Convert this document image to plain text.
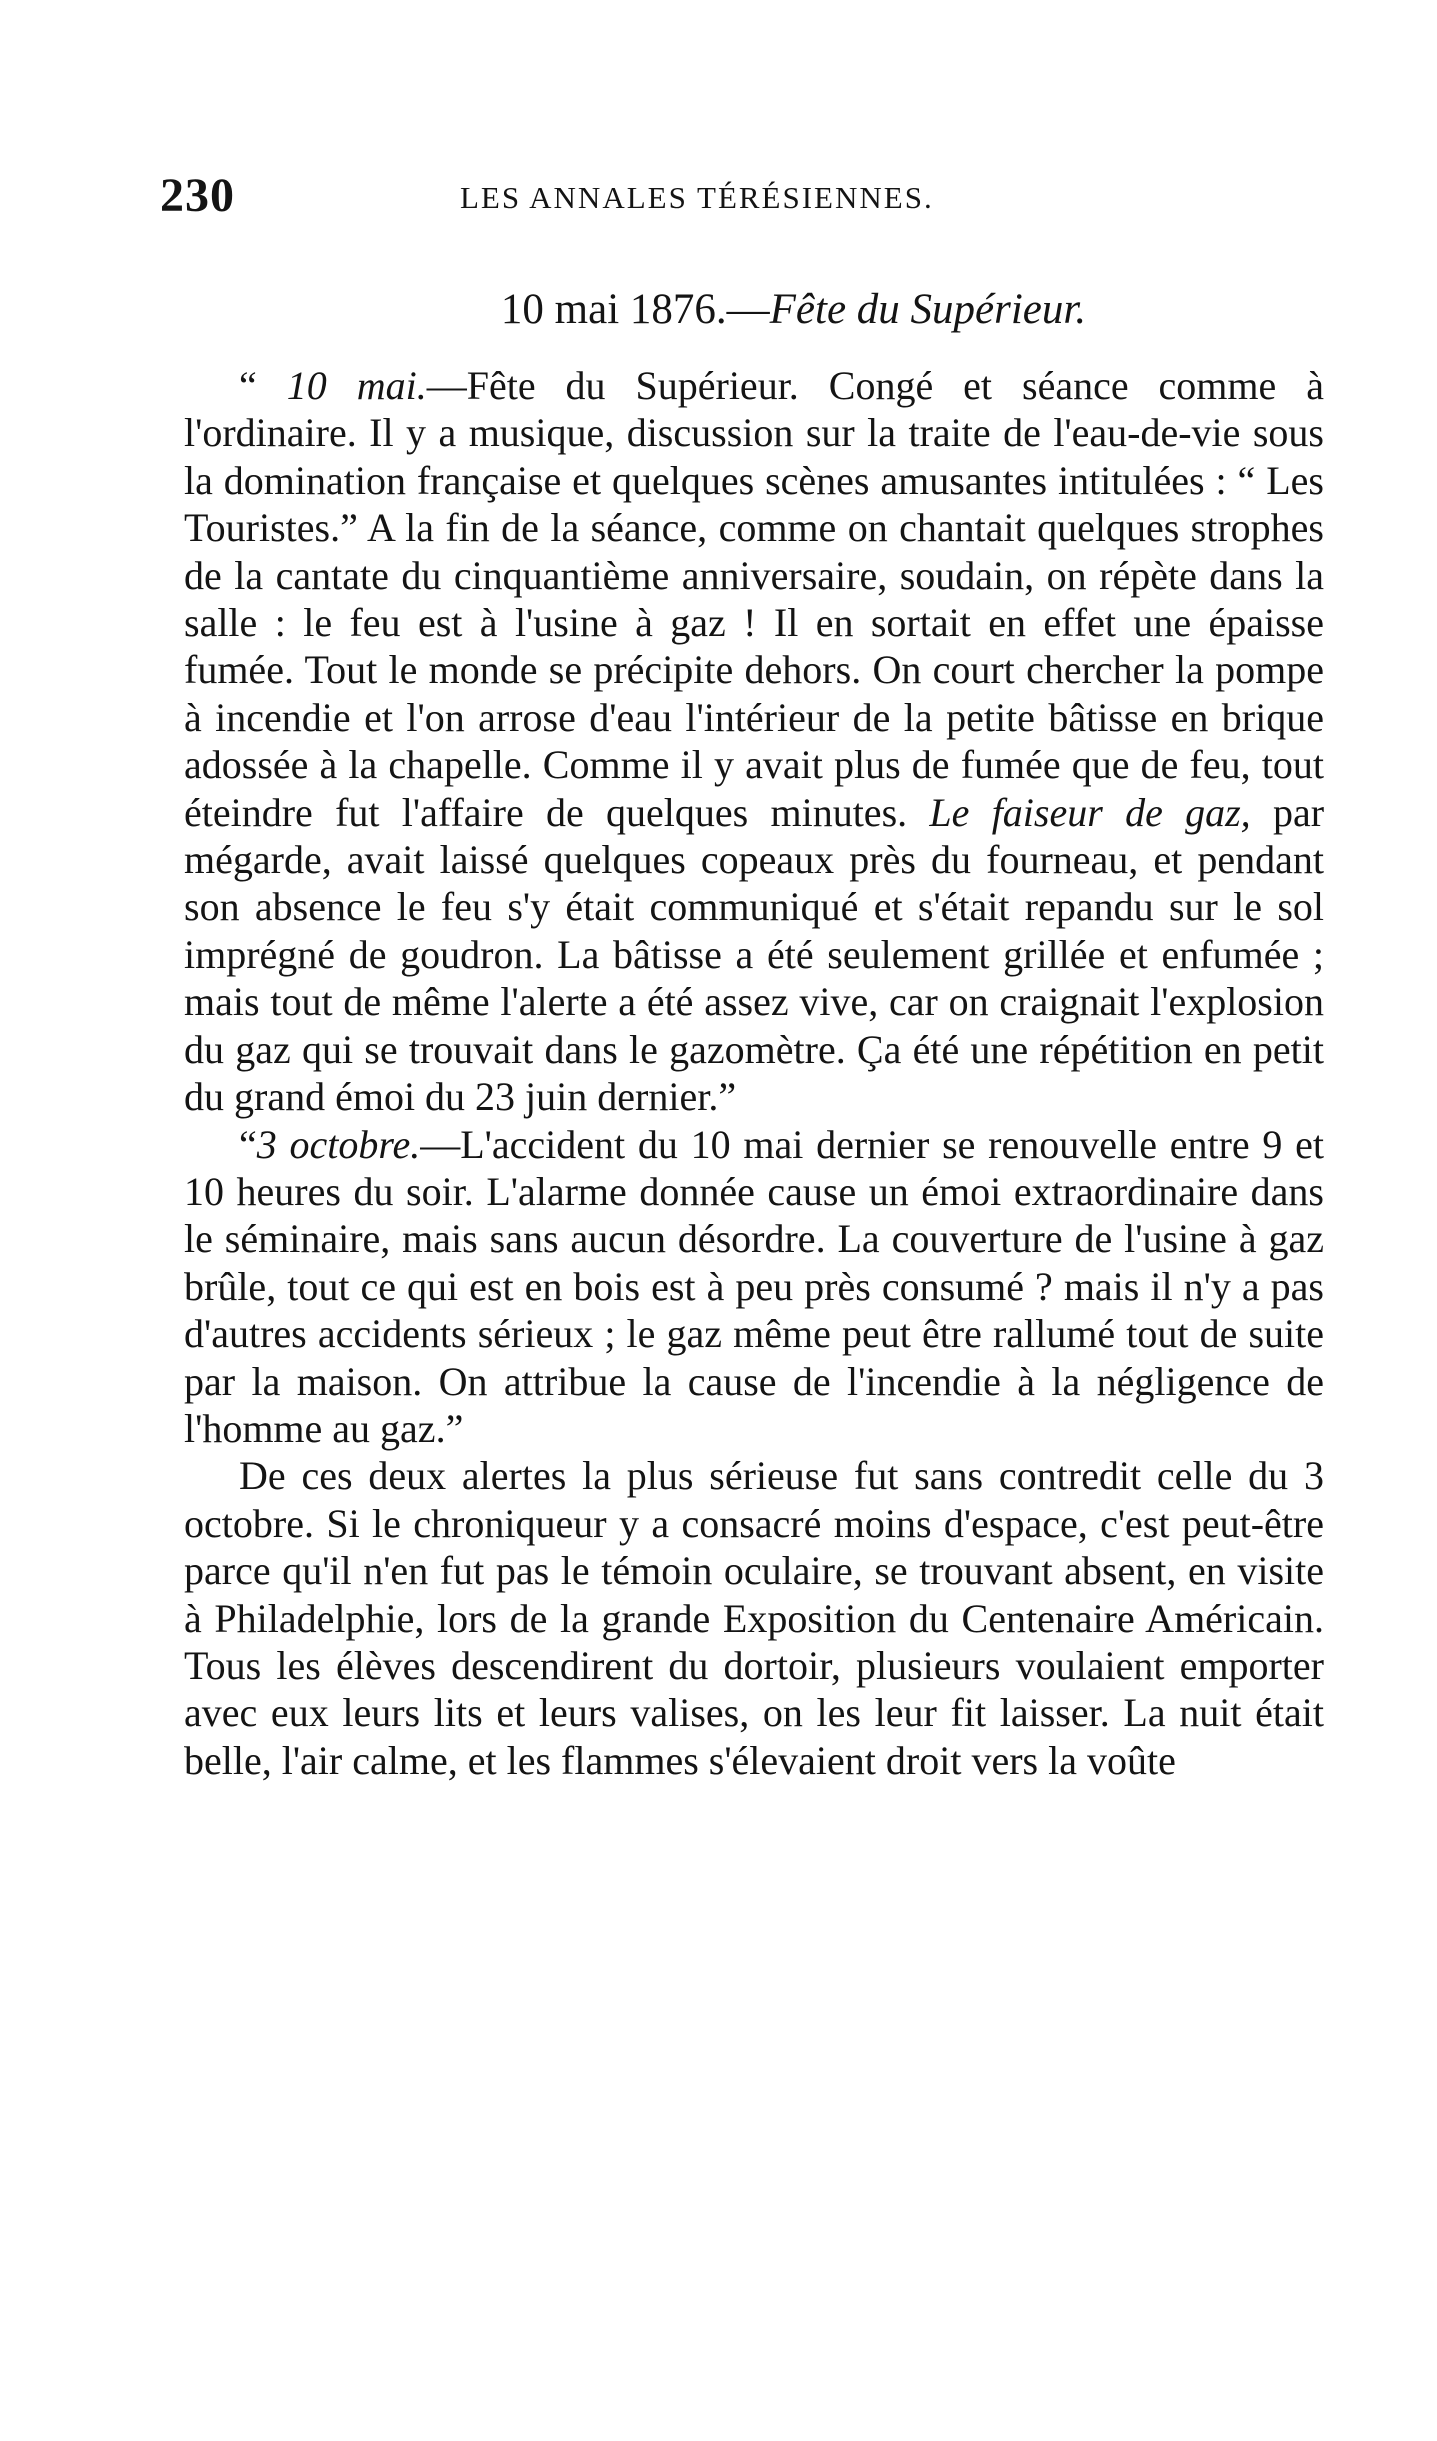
230	LES ANNALES TÉRÉSIENNES.
10 mai 1876.—Fête du Supérieur.

“ 10 mai.—Fête du Supérieur. Congé et séance comme à l'ordinaire. Il y a musique, discussion sur la traite de l'eau-de-vie sous la domination française et quelques scènes amusantes intitulées : “ Les Touristes.” A la fin de la séance, comme on chantait quelques strophes de la cantate du cinquantième anniversaire, soudain, on répète dans la salle : le feu est à l'usine à gaz ! Il en sortait en effet une épaisse fumée. Tout le monde se précipite dehors. On court chercher la pompe à incendie et l'on arrose d'eau l'intérieur de la petite bâtisse en brique adossée à la chapelle. Comme il y avait plus de fumée que de feu, tout éteindre fut l'affaire de quelques minutes. Le faiseur de gaz, par mégarde, avait laissé quelques copeaux près du fourneau, et pendant son absence le feu s'y était communiqué et s'était repandu sur le sol imprégné de goudron. La bâtisse a été seulement grillée et enfumée ; mais tout de même l'alerte a été assez vive, car on craignait l'explosion du gaz qui se trouvait dans le gazomètre. Ça été une répétition en petit du grand émoi du 23 juin dernier.”

“3 octobre.—L'accident du 10 mai dernier se renouvelle entre 9 et 10 heures du soir. L'alarme donnée cause un émoi extraordinaire dans le séminaire, mais sans aucun désordre. La couverture de l'usine à gaz brûle, tout ce qui est en bois est à peu près consumé ? mais il n'y a pas d'autres accidents sérieux ; le gaz même peut être rallumé tout de suite par la maison. On attribue la cause de l'incendie à la négligence de l'homme au gaz.”

De ces deux alertes la plus sérieuse fut sans contredit celle du 3 octobre. Si le chroniqueur y a consacré moins d'espace, c'est peut-être parce qu'il n'en fut pas le témoin oculaire, se trouvant absent, en visite à Philadelphie, lors de la grande Exposition du Centenaire Américain. Tous les élèves descendirent du dortoir, plusieurs voulaient emporter avec eux leurs lits et leurs valises, on les leur fit laisser. La nuit était belle, l'air calme, et les flammes s'élevaient droit vers la voûte
